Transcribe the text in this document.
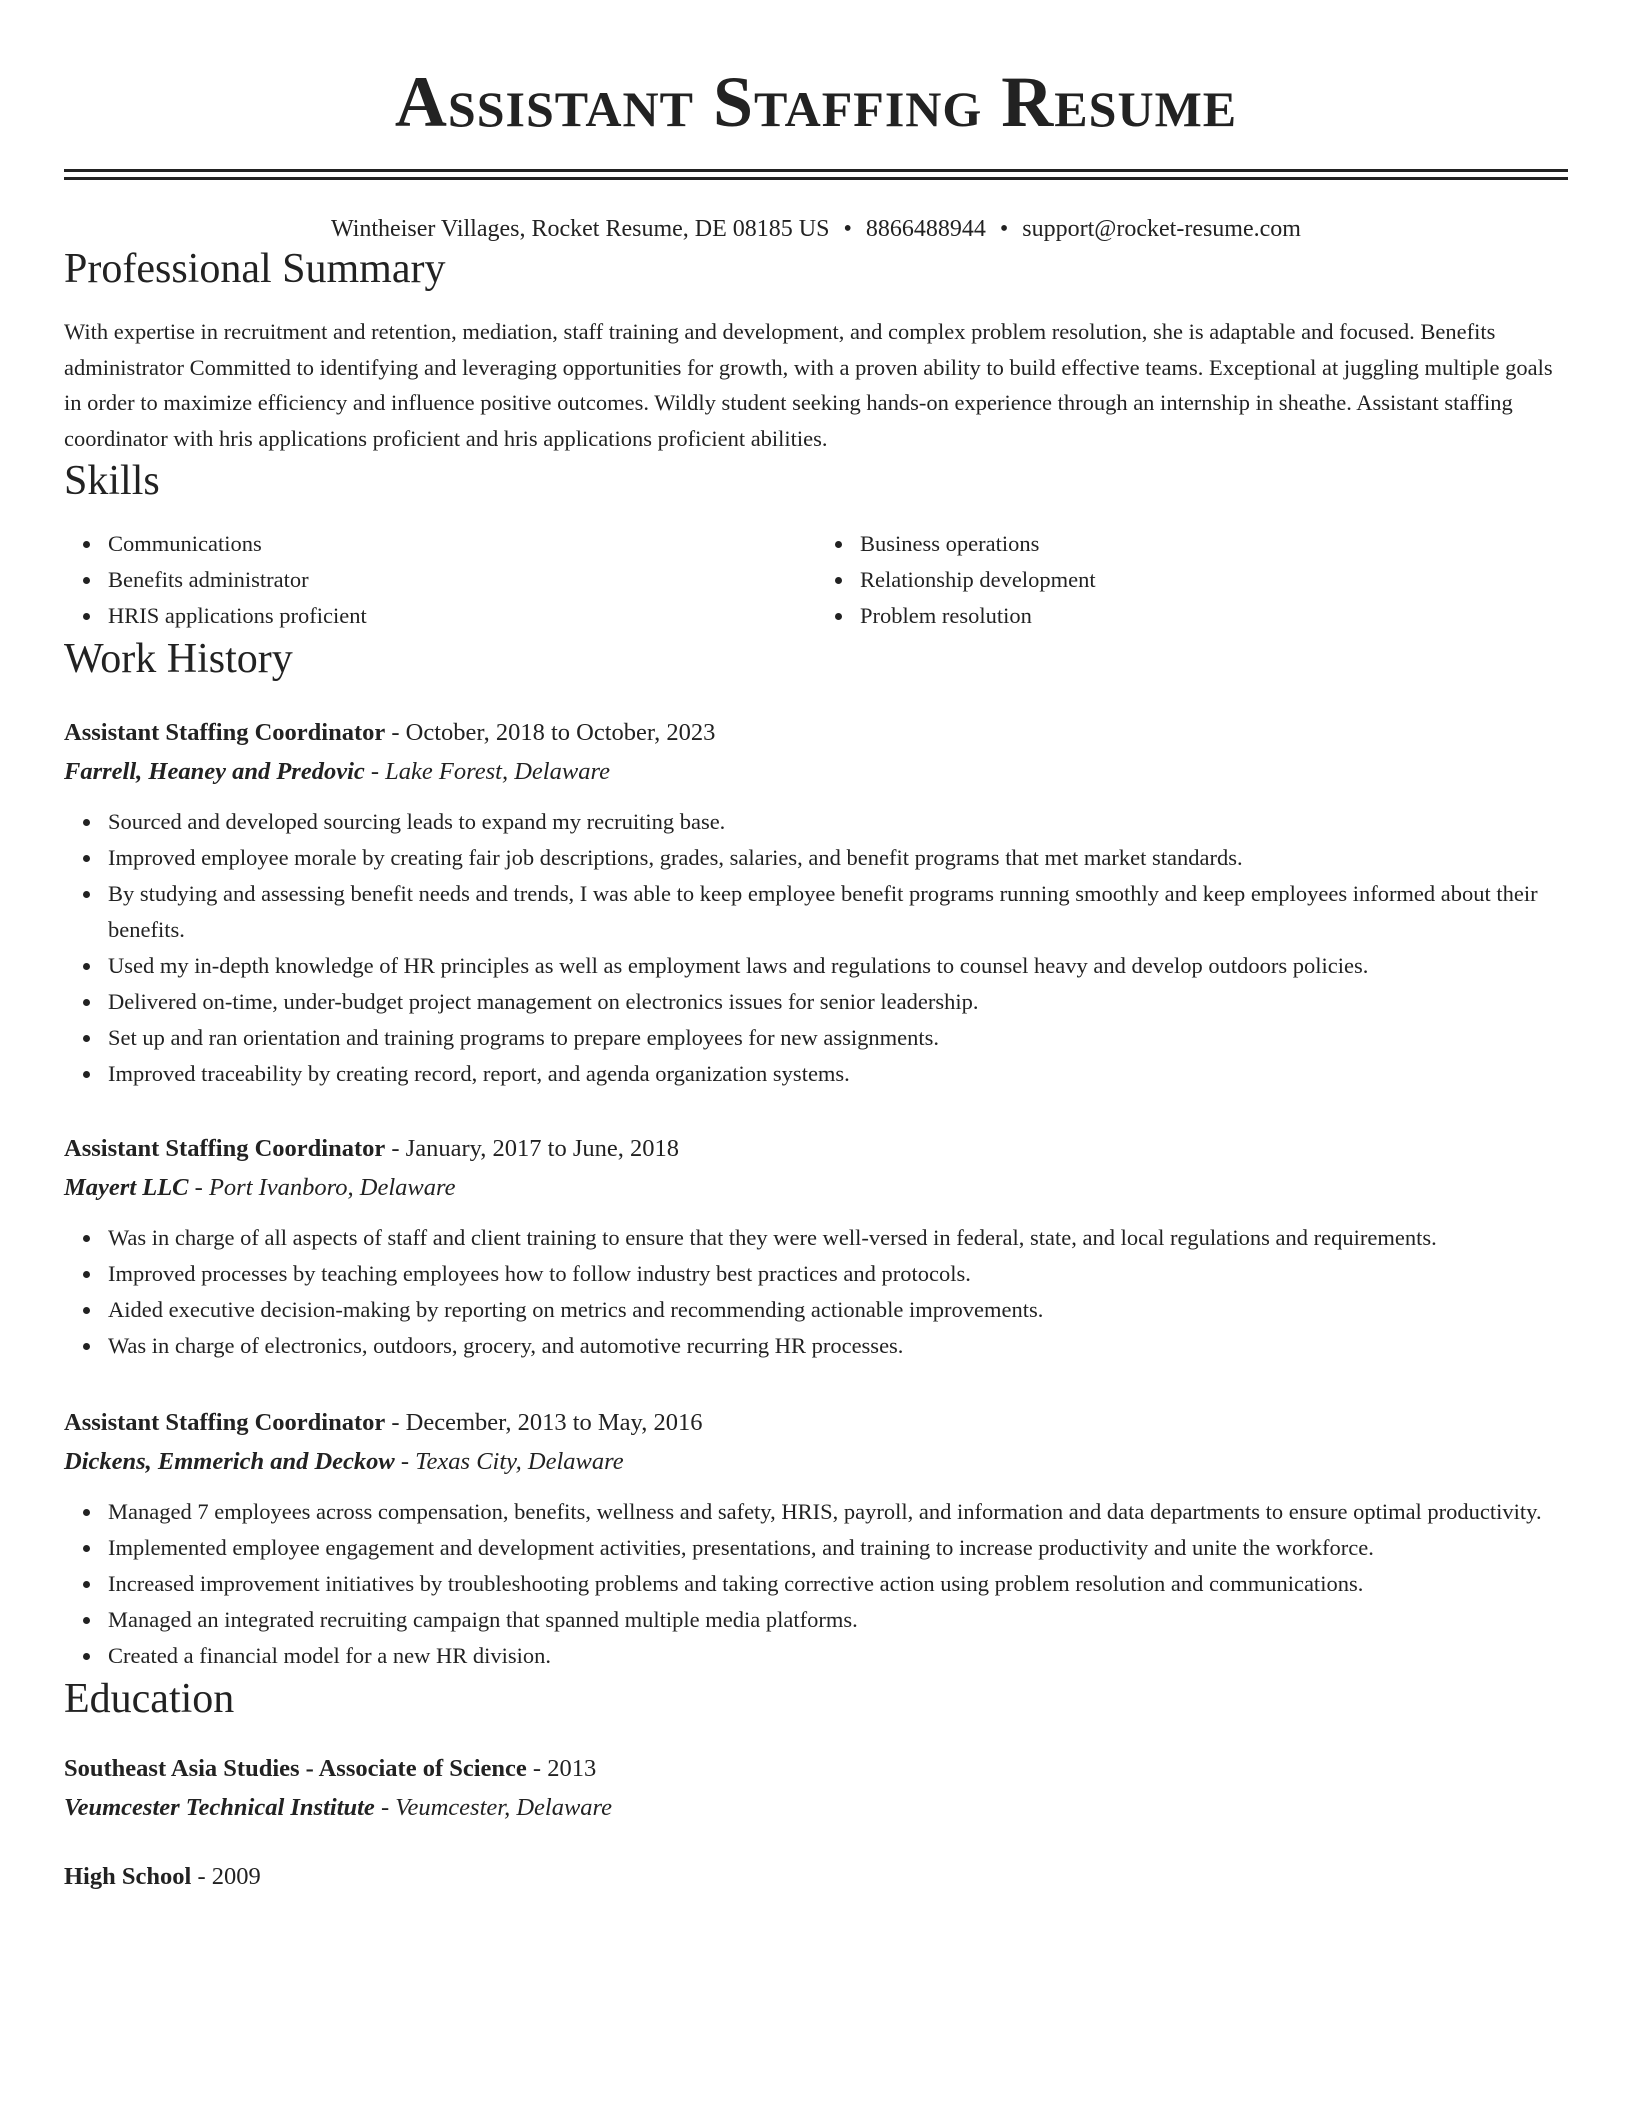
Assistant Staffing Resume
Wintheiser Villages, Rocket Resume, DE 08185 US • 8866488944 • support@rocket-resume.com
Professional Summary

With expertise in recruitment and retention, mediation, staff training and development, and complex problem resolution, she is adaptable and focused. Benefits administrator Committed to identifying and leveraging opportunities for growth, with a proven ability to build effective teams. Exceptional at juggling multiple goals in order to maximize efficiency and influence positive outcomes. Wildly student seeking hands-on experience through an internship in sheathe. Assistant staffing coordinator with hris applications proficient and hris applications proficient abilities.

Skills
Communications
Benefits administrator
HRIS applications proficient
Business operations
Relationship development
Problem resolution
Work History
Assistant Staffing Coordinator - October, 2018 to October, 2023
Farrell, Heaney and Predovic - Lake Forest, Delaware
Sourced and developed sourcing leads to expand my recruiting base.
Improved employee morale by creating fair job descriptions, grades, salaries, and benefit programs that met market standards.
By studying and assessing benefit needs and trends, I was able to keep employee benefit programs running smoothly and keep employees informed about their benefits.
Used my in-depth knowledge of HR principles as well as employment laws and regulations to counsel heavy and develop outdoors policies.
Delivered on-time, under-budget project management on electronics issues for senior leadership.
Set up and ran orientation and training programs to prepare employees for new assignments.
Improved traceability by creating record, report, and agenda organization systems.
Assistant Staffing Coordinator - January, 2017 to June, 2018
Mayert LLC - Port Ivanboro, Delaware
Was in charge of all aspects of staff and client training to ensure that they were well-versed in federal, state, and local regulations and requirements.
Improved processes by teaching employees how to follow industry best practices and protocols.
Aided executive decision-making by reporting on metrics and recommending actionable improvements.
Was in charge of electronics, outdoors, grocery, and automotive recurring HR processes.
Assistant Staffing Coordinator - December, 2013 to May, 2016
Dickens, Emmerich and Deckow - Texas City, Delaware
Managed 7 employees across compensation, benefits, wellness and safety, HRIS, payroll, and information and data departments to ensure optimal productivity.
Implemented employee engagement and development activities, presentations, and training to increase productivity and unite the workforce.
Increased improvement initiatives by troubleshooting problems and taking corrective action using problem resolution and communications.
Managed an integrated recruiting campaign that spanned multiple media platforms.
Created a financial model for a new HR division.
Education
Southeast Asia Studies - Associate of Science - 2013
Veumcester Technical Institute - Veumcester, Delaware
High School - 2009
